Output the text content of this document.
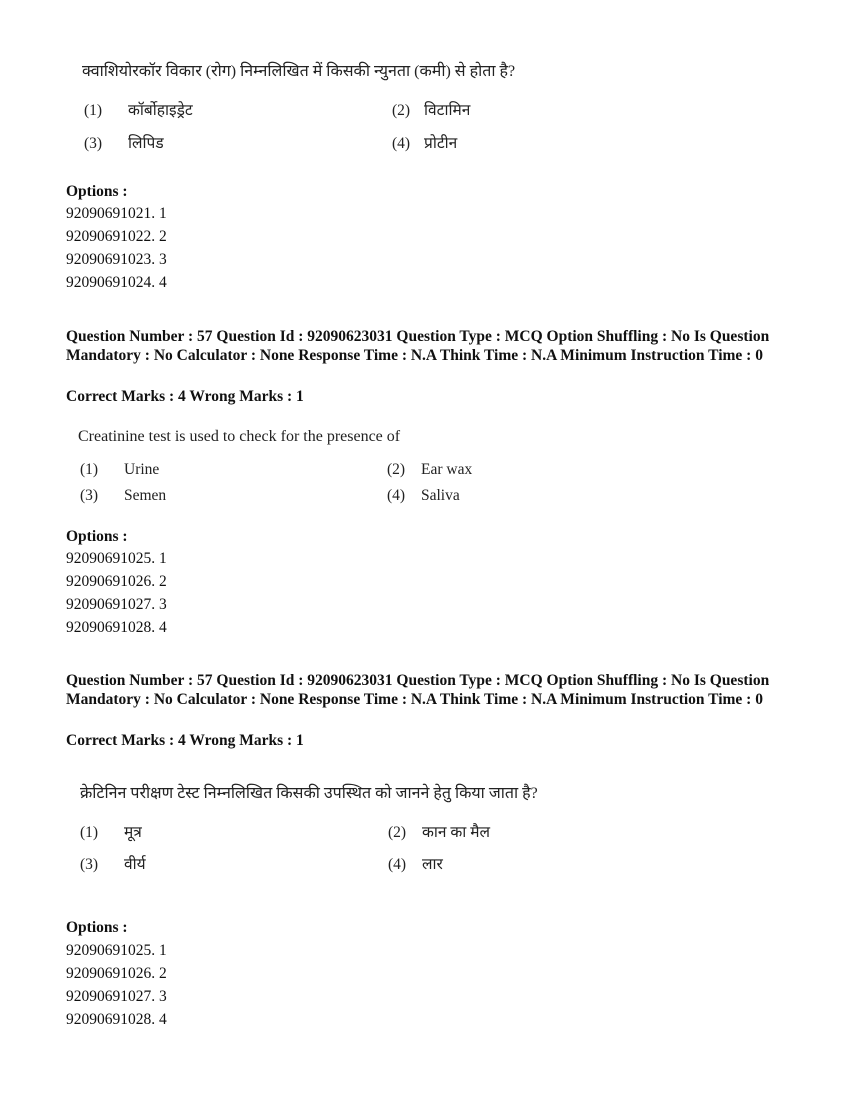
क्वाशियोरकॉर विकार (रोग) निम्नलिखित में किसकी न्युनता (कमी) से होता है?
(1) कॉर्बोहाइड्रेट	(2) विटामिन
(3) लिपिड	(4) प्रोटीन
Options :
92090691021. 1
92090691022. 2
92090691023. 3
92090691024. 4
Question Number : 57 Question Id : 92090623031 Question Type : MCQ Option Shuffling : No Is Question Mandatory : No Calculator : None Response Time : N.A Think Time : N.A Minimum Instruction Time : 0
Correct Marks : 4 Wrong Marks : 1
Creatinine test is used to check for the presence of
(1) Urine	(2) Ear wax
(3) Semen	(4) Saliva
Options :
92090691025. 1
92090691026. 2
92090691027. 3
92090691028. 4
Question Number : 57 Question Id : 92090623031 Question Type : MCQ Option Shuffling : No Is Question Mandatory : No Calculator : None Response Time : N.A Think Time : N.A Minimum Instruction Time : 0
Correct Marks : 4 Wrong Marks : 1
क्रेटिनिन परीक्षण टेस्ट निम्नलिखित किसकी उपस्थित को जानने हेतु किया जाता है?
(1) मूत्र	(2) कान का मैल
(3) वीर्य	(4) लार
Options :
92090691025. 1
92090691026. 2
92090691027. 3
92090691028. 4
